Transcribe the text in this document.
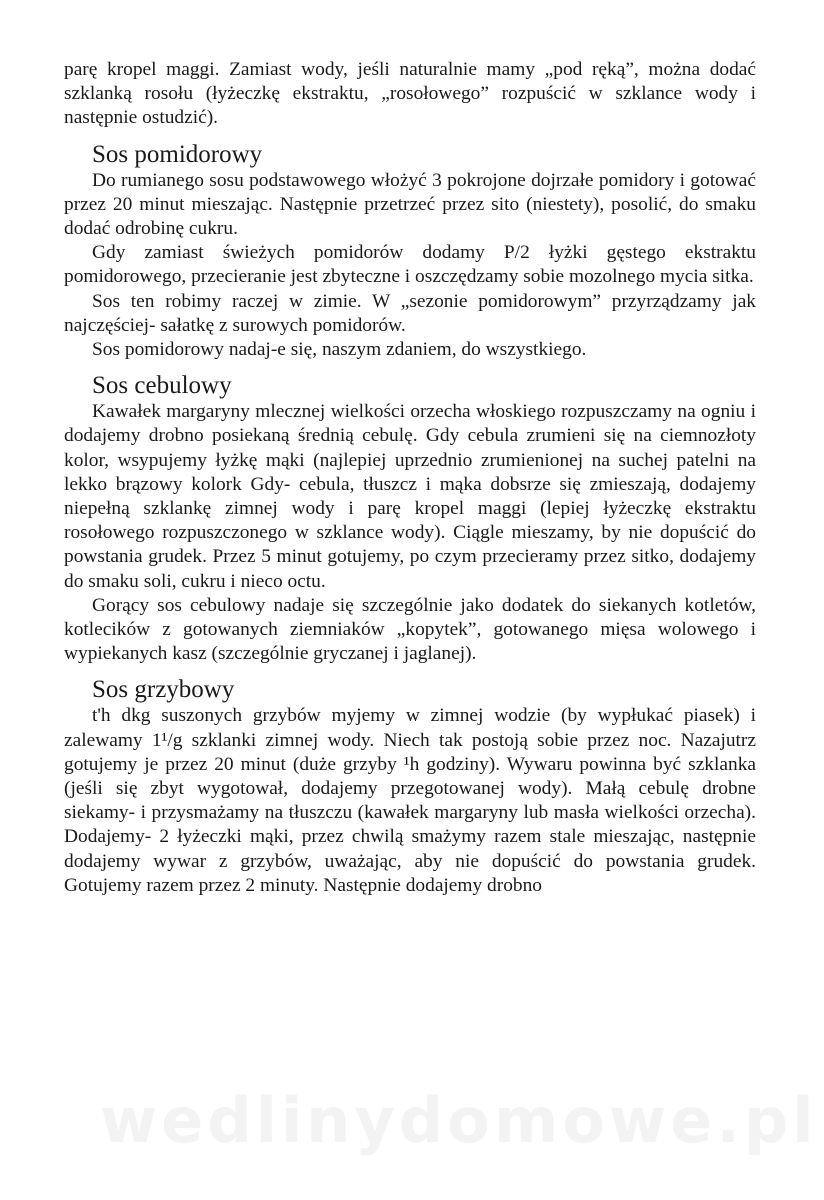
parę kropel maggi. Zamiast wody, jeśli naturalnie mamy „pod ręką”, można dodać szklanką rosołu (łyżeczkę ekstraktu, „rosołowego” rozpuścić w szklance wody i następnie ostudzić).

Sos pomidorowy

Do rumianego sosu podstawowego włożyć 3 pokrojone dojrzałe pomidory i gotować przez 20 minut mieszając. Następnie przetrzeć przez sito (niestety), posolić, do smaku dodać odrobinę cukru.

Gdy zamiast świeżych pomidorów dodamy P/2 łyżki gęstego ekstraktu pomidorowego, przecieranie jest zbyteczne i oszczędzamy sobie mozolnego mycia sitka.

Sos ten robimy raczej w zimie. W „sezonie pomidorowym” przyrządzamy jak najczęściej- sałatkę z surowych pomidorów.

Sos pomidorowy nadaj-e się, naszym zdaniem, do wszystkiego.

Sos cebulowy

Kawałek margaryny mlecznej wielkości orzecha włoskiego rozpuszczamy na ogniu i dodajemy drobno posiekaną średnią cebulę. Gdy cebula zrumieni się na ciemnozłoty kolor, wsypujemy łyżkę mąki (najlepiej uprzednio zrumienionej na suchej patelni na lekko brązowy kolork Gdy- cebula, tłuszcz i mąka dobsrze się zmieszają, dodajemy niepełną szklankę zimnej wody i parę kropel maggi (lepiej łyżeczkę ekstraktu rosołowego rozpuszczonego w szklance wody). Ciągle mieszamy, by nie dopuścić do powstania grudek. Przez 5 minut gotujemy, po czym przecieramy przez sitko, dodajemy do smaku soli, cukru i nieco octu.

Gorący sos cebulowy nadaje się szczególnie jako dodatek do siekanych kotletów, kotlecików z gotowanych ziemniaków „kopytek”, gotowanego mięsa wolowego i wypiekanych kasz (szczególnie gryczanej i jaglanej).

Sos grzybowy

t'h dkg suszonych grzybów myjemy w zimnej wodzie (by wypłukać piasek) i zalewamy 1¹/g szklanki zimnej wody. Niech tak postoją sobie przez noc. Nazajutrz gotujemy je przez 20 minut (duże grzyby ¹h godziny). Wywaru powinna być szklanka (jeśli się zbyt wygotował, dodajemy przegotowanej wody). Małą cebulę drobne siekamy- i przysmażamy na tłuszczu (kawałek margaryny lub masła wielkości orzecha). Dodajemy- 2 łyżeczki mąki, przez chwilą smażymy razem stale mieszając, następnie dodajemy wywar z grzybów, uważając, aby nie dopuścić do powstania grudek. Gotujemy razem przez 2 minuty. Następnie dodajemy drobno

wedlinydomowe.pl
